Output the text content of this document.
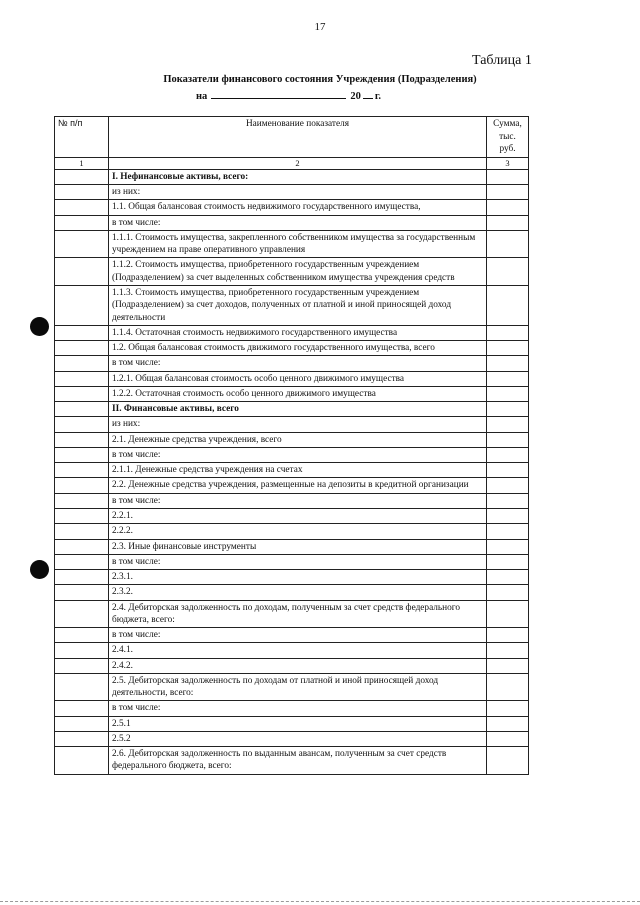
17
Таблица 1
Показатели финансового состояния Учреждения (Подразделения)
на	20 г.
№ п/п	Наименование показателя	Сумма, тыс. руб.
1	2	3
	I. Нефинансовые активы, всего:	
	из них:	
	1.1. Общая балансовая стоимость недвижимого государственного имущества,	
	в том числе:	
	1.1.1. Стоимость имущества, закрепленного собственником имущества за государственным учреждением на праве оперативного управления	
	1.1.2. Стоимость имущества, приобретенного государственным учреждением (Подразделением) за счет выделенных собственником имущества учреждения средств	
	1.1.3. Стоимость имущества, приобретенного государственным учреждением (Подразделением) за счет доходов, полученных от платной и иной приносящей доход деятельности	
	1.1.4. Остаточная стоимость недвижимого государственного имущества	
	1.2. Общая балансовая стоимость движимого государственного имущества, всего	
	в том числе:	
	1.2.1. Общая балансовая стоимость особо ценного движимого имущества	
	1.2.2. Остаточная стоимость особо ценного движимого имущества	
	II. Финансовые активы, всего	
	из них:	
	2.1. Денежные средства учреждения, всего	
	в том числе:	
	2.1.1. Денежные средства учреждения на счетах	
	2.2. Денежные средства учреждения, размещенные на депозиты в кредитной организации	
	в том числе:	
	2.2.1.	
	2.2.2.	
	2.3. Иные финансовые инструменты	
	в том числе:	
	2.3.1.	
	2.3.2.	
	2.4. Дебиторская задолженность по доходам, полученным за счет средств федерального бюджета, всего:	
	в том числе:	
	2.4.1.	
	2.4.2.	
	2.5. Дебиторская задолженность по доходам от платной и иной приносящей доход деятельности, всего:	
	в том числе:	
	2.5.1	
	2.5.2	
	2.6. Дебиторская задолженность по выданным авансам, полученным за счет средств федерального бюджета, всего:	
